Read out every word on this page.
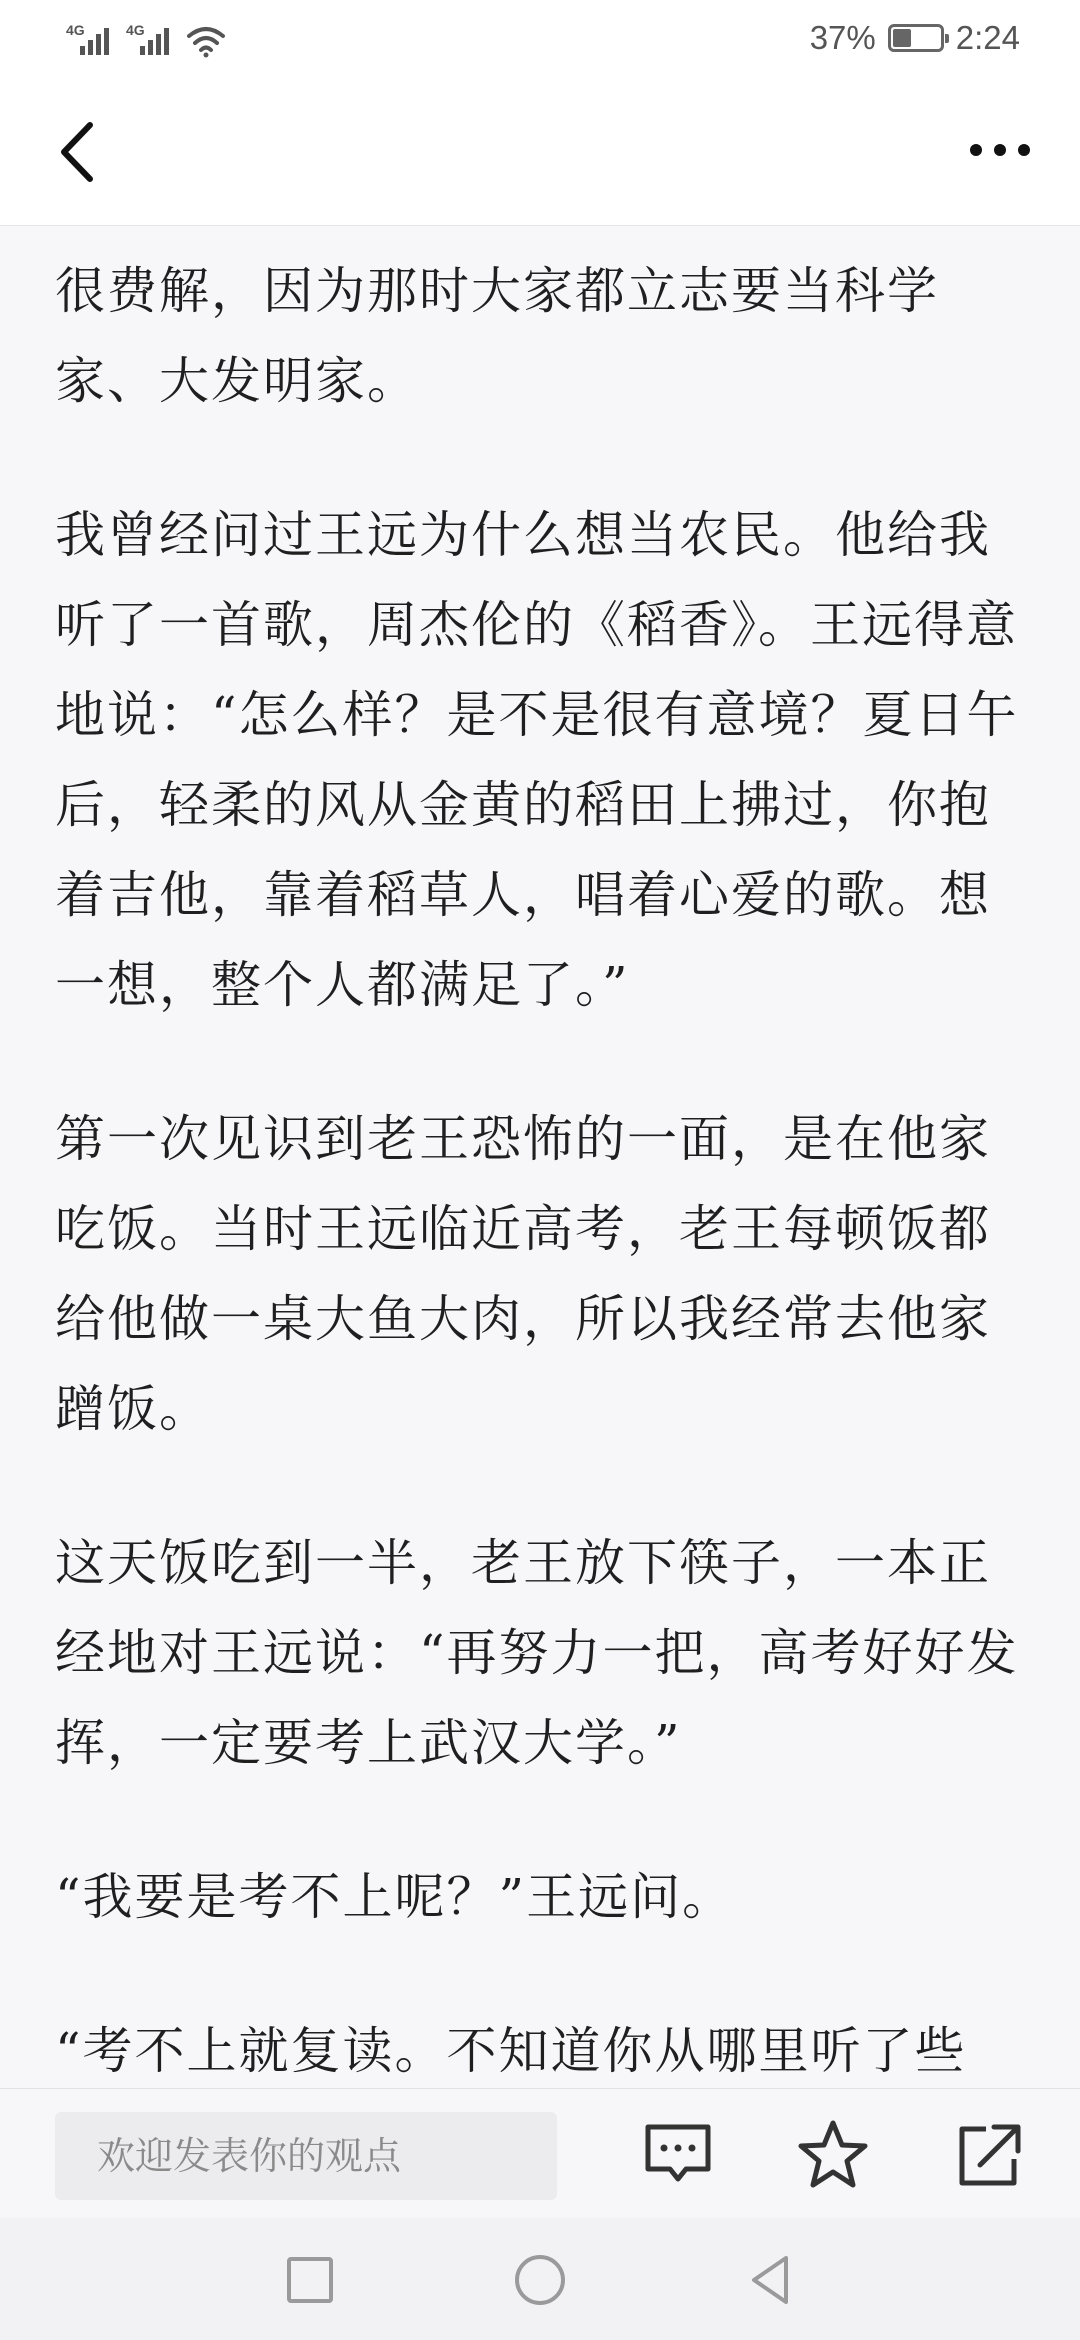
4G	4G	37% 2:24

很费解，因为那时大家都立志要当科学家、大发明家。

我曾经问过王远为什么想当农民。他给我听了一首歌，周杰伦的《稻香》。王远得意地说：“怎么样？是不是很有意境？夏日午后，轻柔的风从金黄的稻田上拂过，你抱着吉他，靠着稻草人，唱着心爱的歌。想一想，整个人都满足了。”

第一次见识到老王恐怖的一面，是在他家吃饭。当时王远临近高考，老王每顿饭都给他做一桌大鱼大肉，所以我经常去他家蹭饭。

这天饭吃到一半，老王放下筷子，一本正经地对王远说：“再努力一把，高考好好发挥，一定要考上武汉大学。”

“我要是考不上呢？”王远问。

“考不上就复读。不知道你从哪里听了些

欢迎发表你的观点
